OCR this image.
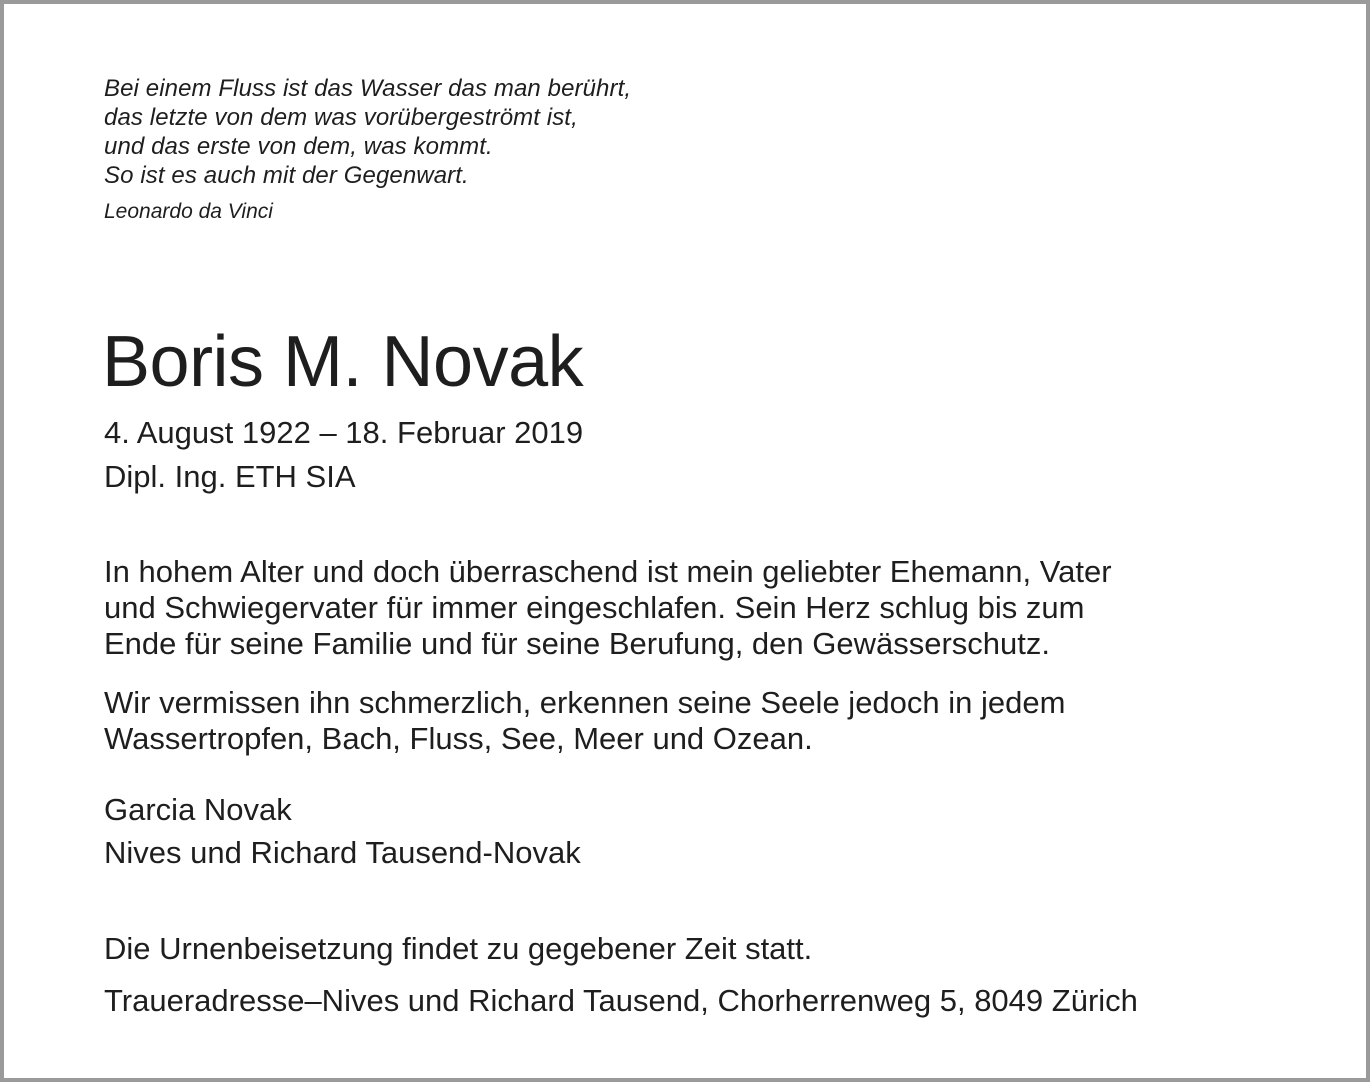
Bei einem Fluss ist das Wasser das man berührt,
das letzte von dem was vorübergeströmt ist,
und das erste von dem, was kommt.
So ist es auch mit der Gegenwart.
Leonardo da Vinci
Boris M. Novak
4. August 1922 – 18. Februar 2019
Dipl. Ing. ETH SIA

In hohem Alter und doch überraschend ist mein geliebter Ehemann, Vater
und Schwiegervater für immer eingeschlafen. Sein Herz schlug bis zum
Ende für seine Familie und für seine Berufung, den Gewässerschutz.

Wir vermissen ihn schmerzlich, erkennen seine Seele jedoch in jedem
Wassertropfen, Bach, Fluss, See, Meer und Ozean.

Garcia Novak
Nives und Richard Tausend-Novak

Die Urnenbeisetzung findet zu gegebener Zeit statt.

Traueradresse–Nives und Richard Tausend, Chorherrenweg 5, 8049 Zürich
